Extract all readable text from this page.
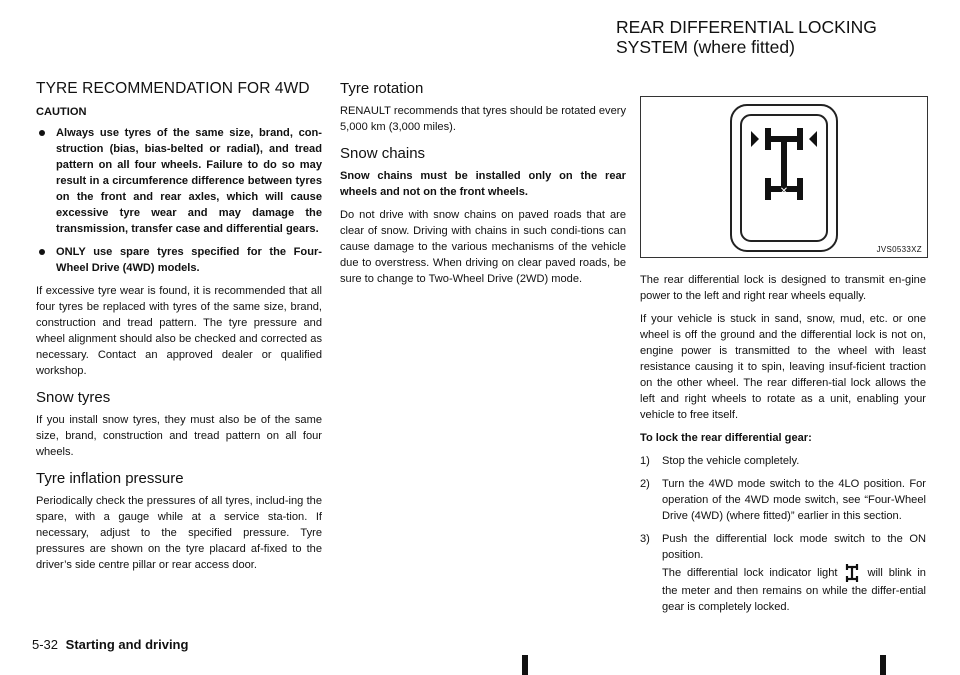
REAR DIFFERENTIAL LOCKING
SYSTEM (where fitted)
TYRE RECOMMENDATION FOR 4WD
CAUTION
Always use tyres of the same size, brand, con-struction (bias, bias-belted or radial), and tread pattern on all four wheels. Failure to do so may result in a circumference difference between tyres on the front and rear axles, which will cause excessive tyre wear and may damage the transmission, transfer case and differential gears.
ONLY use spare tyres specified for the Four-Wheel Drive (4WD) models.

If excessive tyre wear is found, it is recommended that all four tyres be replaced with tyres of the same size, brand, construction and tread pattern. The tyre pressure and wheel alignment should also be checked and corrected as necessary. Contact an approved dealer or qualified workshop.

Snow tyres

If you install snow tyres, they must also be of the same size, brand, construction and tread pattern on all four wheels.

Tyre inflation pressure

Periodically check the pressures of all tyres, includ-ing the spare, with a gauge while at a service sta-tion. If necessary, adjust to the specified pressure. Tyre pressures are shown on the tyre placard af-fixed to the driver’s side centre pillar or rear access door.

Tyre rotation

RENAULT recommends that tyres should be rotated every 5,000 km (3,000 miles).

Snow chains

Snow chains must be installed only on the rear wheels and not on the front wheels.

Do not drive with snow chains on paved roads that are clear of snow. Driving with chains in such condi-tions can cause damage to the various mechanisms of the vehicle due to overstress. When driving on clear paved roads, be sure to change to Two-Wheel Drive (2WD) mode.

✕
JVS0533XZ

The rear differential lock is designed to transmit en-gine power to the left and right rear wheels equally.

If your vehicle is stuck in sand, snow, mud, etc. or one wheel is off the ground and the differential lock is not on, engine power is transmitted to the wheel with least resistance causing it to spin, leaving insuf-ficient traction on the other wheel. The rear differen-tial lock allows the left and right wheels to rotate as a unit, enabling your vehicle to free itself.

To lock the rear differential gear:

1) Stop the vehicle completely.
2) Turn the 4WD mode switch to the 4LO position. For operation of the 4WD mode switch, see “Four-Wheel Drive (4WD) (where fitted)” earlier in this section.
3) Push the differential lock mode switch to the ON position.
The differential lock indicator light	will blink in the meter and then remains on while the differ-ential gear is completely locked.
5-32 Starting and driving
